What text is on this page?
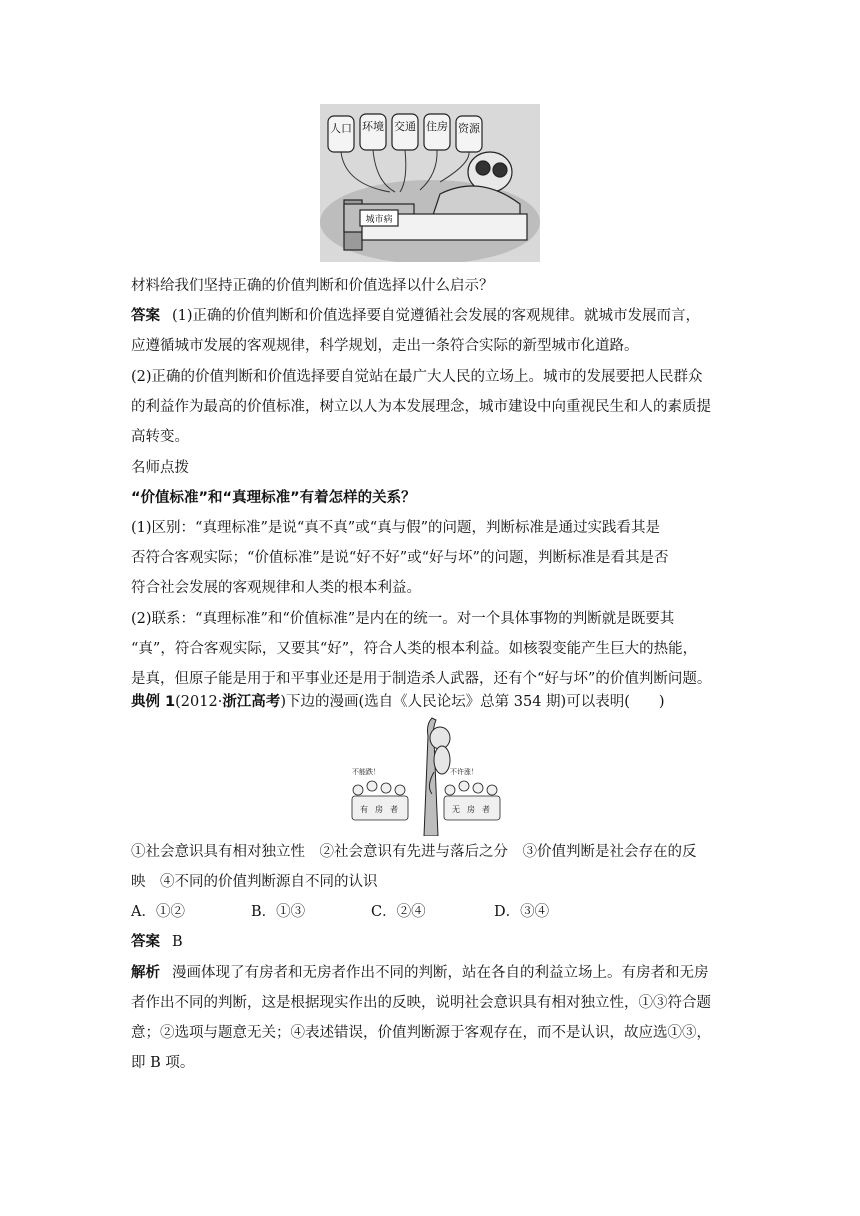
人口 环境 交通 住房 资源
城市病
材料给我们坚持正确的价值判断和价值选择以什么启示？
答案 (1)正确的价值判断和价值选择要自觉遵循社会发展的客观规律。就城市发展而言，
应遵循城市发展的客观规律，科学规划，走出一条符合实际的新型城市化道路。
(2)正确的价值判断和价值选择要自觉站在最广大人民的立场上。城市的发展要把人民群众
的利益作为最高的价值标准，树立以人为本发展理念，城市建设中向重视民生和人的素质提
高转变。
名师点拨
“价值标准”和“真理标准”有着怎样的关系？
(1)区别：“真理标准”是说“真不真”或“真与假”的问题，判断标准是通过实践看其是
否符合客观实际；“价值标准”是说“好不好”或“好与坏”的问题，判断标准是看其是否
符合社会发展的客观规律和人类的根本利益。
(2)联系：“真理标准”和“价值标准”是内在的统一。对一个具体事物的判断就是既要其
“真”，符合客观实际，又要其“好”，符合人类的根本利益。如核裂变能产生巨大的热能，
是真，但原子能是用于和平事业还是用于制造杀人武器，还有个“好与坏”的价值判断问题。
典例 1(2012·浙江高考)下边的漫画(选自《人民论坛》总第 354 期)可以表明(　　)
不能跌！	不许涨！
有 房 者	无 房 者
①社会意识具有相对独立性　②社会意识有先进与落后之分　③价值判断是社会存在的反
映　④不同的价值判断源自不同的认识
A．①②	B．①③	C．②④	D．③④
答案 B
解析 漫画体现了有房者和无房者作出不同的判断，站在各自的利益立场上。有房者和无房
者作出不同的判断，这是根据现实作出的反映，说明社会意识具有相对独立性，①③符合题
意；②选项与题意无关；④表述错误，价值判断源于客观存在，而不是认识，故应选①③，
即 B 项。
